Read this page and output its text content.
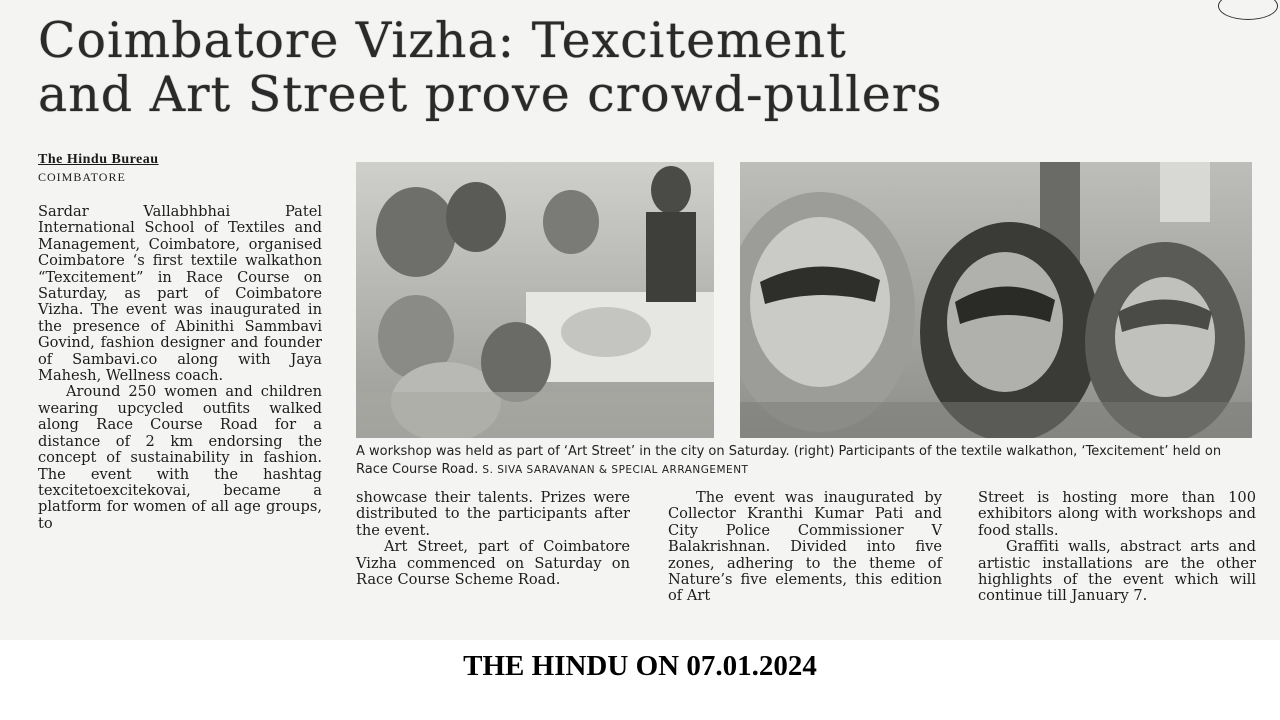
Coimbatore Vizha: Texcitement
and Art Street prove crowd-pullers
The Hindu Bureau
COIMBATORE

Sardar Vallabhbhai Patel International School of Textiles and Management, Coimbatore, organised Coimbatore ‘s first textile walkathon “Texcitement” in Race Course on Saturday, as part of Coimbatore Vizha. The event was inaugurated in the presence of Abinithi Sammbavi Govind, fashion designer and founder of Sambavi.co along with Jaya Mahesh, Wellness coach.

Around 250 women and children wearing upcycled outfits walked along Race Course Road for a distance of 2 km endorsing the concept of sustainability in fashion. The event with the hashtag texcitetoexcitekovai, became a platform for women of all age groups, to

A workshop was held as part of ‘Art Street’ in the city on Saturday. (right) Participants of the textile walkathon, ‘Texcitement’ held on Race Course Road. S. SIVA SARAVANAN & SPECIAL ARRANGEMENT

showcase their talents. Prizes were distributed to the participants after the event.

Art Street, part of Coimbatore Vizha commenced on Saturday on Race Course Scheme Road.

The event was inaugurated by Collector Kranthi Kumar Pati and City Police Commissioner V Balakrishnan. Divided into five zones, adhering to the theme of Nature’s five elements, this edition of Art

Street is hosting more than 100 exhibitors along with workshops and food stalls.

Graffiti walls, abstract arts and artistic installations are the other highlights of the event which will continue till January 7.

THE HINDU ON 07.01.2024
